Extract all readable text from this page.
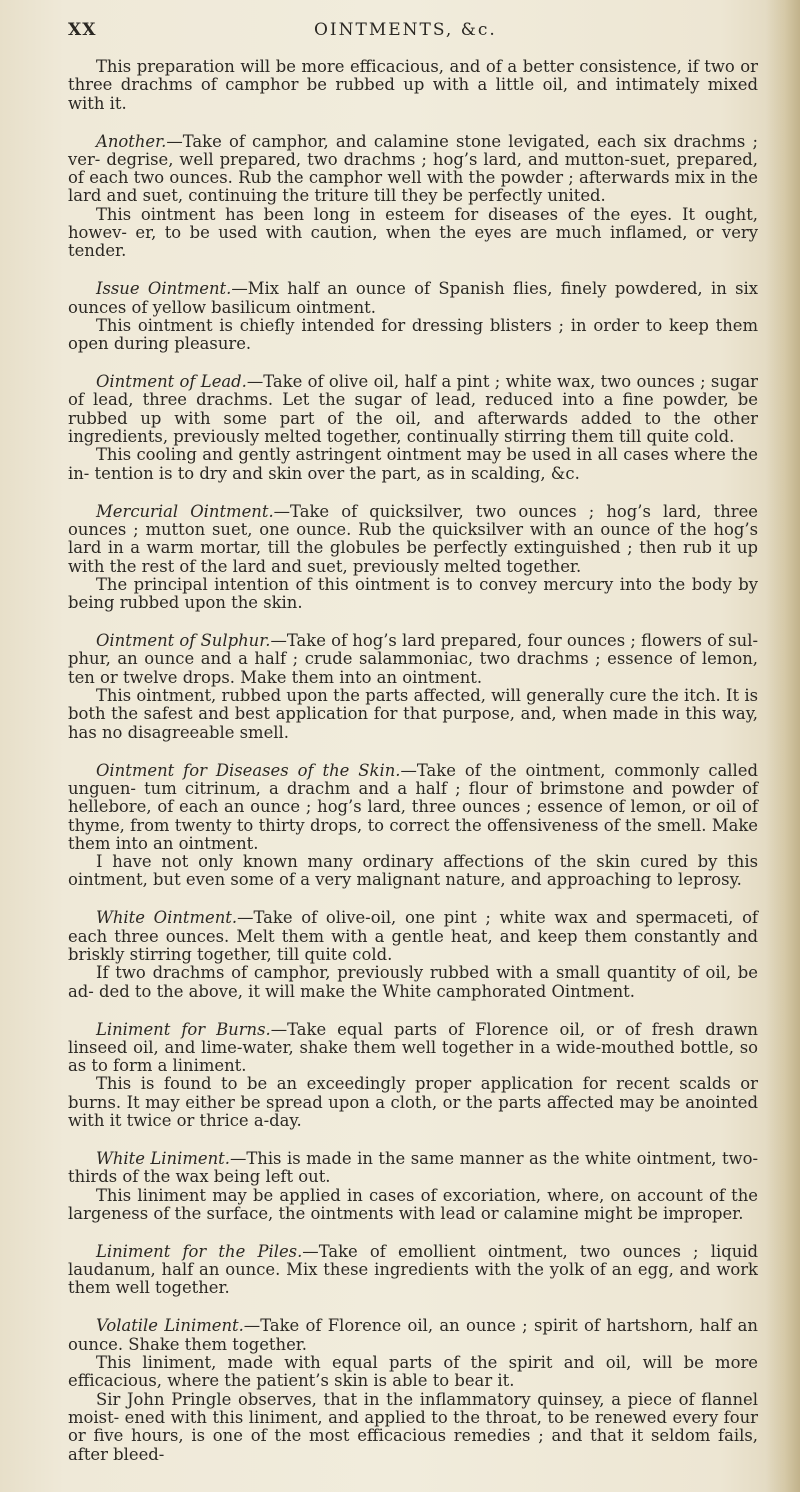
XX	OINTMENTS, &c.

This preparation will be more efficacious, and of a better consistence, if two or three drachms of camphor be rubbed up with a little oil, and intimately mixed with it.

Another.—Take of camphor, and calamine stone levigated, each six drachms ; ver- degrise, well prepared, two drachms ; hog’s lard, and mutton-suet, prepared, of each two ounces. Rub the camphor well with the powder ; afterwards mix in the lard and suet, continuing the triture till they be perfectly united.

This ointment has been long in esteem for diseases of the eyes. It ought, howev- er, to be used with caution, when the eyes are much inflamed, or very tender.

Issue Ointment.—Mix half an ounce of Spanish flies, finely powdered, in six ounces of yellow basilicum ointment.

This ointment is chiefly intended for dressing blisters ; in order to keep them open during pleasure.

Ointment of Lead.—Take of olive oil, half a pint ; white wax, two ounces ; sugar of lead, three drachms. Let the sugar of lead, reduced into a fine powder, be rubbed up with some part of the oil, and afterwards added to the other ingredients, previously melted together, continually stirring them till quite cold.

This cooling and gently astringent ointment may be used in all cases where the in- tention is to dry and skin over the part, as in scalding, &c.

Mercurial Ointment.—Take of quicksilver, two ounces ; hog’s lard, three ounces ; mutton suet, one ounce. Rub the quicksilver with an ounce of the hog’s lard in a warm mortar, till the globules be perfectly extinguished ; then rub it up with the rest of the lard and suet, previously melted together.

The principal intention of this ointment is to convey mercury into the body by being rubbed upon the skin.

Ointment of Sulphur.—Take of hog’s lard prepared, four ounces ; flowers of sul- phur, an ounce and a half ; crude salammoniac, two drachms ; essence of lemon, ten or twelve drops. Make them into an ointment.

This ointment, rubbed upon the parts affected, will generally cure the itch. It is both the safest and best application for that purpose, and, when made in this way, has no disagreeable smell.

Ointment for Diseases of the Skin.—Take of the ointment, commonly called unguen- tum citrinum, a drachm and a half ; flour of brimstone and powder of hellebore, of each an ounce ; hog’s lard, three ounces ; essence of lemon, or oil of thyme, from twenty to thirty drops, to correct the offensiveness of the smell. Make them into an ointment.

I have not only known many ordinary affections of the skin cured by this ointment, but even some of a very malignant nature, and approaching to leprosy.

White Ointment.—Take of olive-oil, one pint ; white wax and spermaceti, of each three ounces. Melt them with a gentle heat, and keep them constantly and briskly stirring together, till quite cold.

If two drachms of camphor, previously rubbed with a small quantity of oil, be ad- ded to the above, it will make the White camphorated Ointment.

Liniment for Burns.—Take equal parts of Florence oil, or of fresh drawn linseed oil, and lime-water, shake them well together in a wide-mouthed bottle, so as to form a liniment.

This is found to be an exceedingly proper application for recent scalds or burns. It may either be spread upon a cloth, or the parts affected may be anointed with it twice or thrice a-day.

White Liniment.—This is made in the same manner as the white ointment, two- thirds of the wax being left out.

This liniment may be applied in cases of excoriation, where, on account of the largeness of the surface, the ointments with lead or calamine might be improper.

Liniment for the Piles.—Take of emollient ointment, two ounces ; liquid laudanum, half an ounce. Mix these ingredients with the yolk of an egg, and work them well together.

Volatile Liniment.—Take of Florence oil, an ounce ; spirit of hartshorn, half an ounce. Shake them together.

This liniment, made with equal parts of the spirit and oil, will be more efficacious, where the patient’s skin is able to bear it.

Sir John Pringle observes, that in the inflammatory quinsey, a piece of flannel moist- ened with this liniment, and applied to the throat, to be renewed every four or five hours, is one of the most efficacious remedies ; and that it seldom fails, after bleed-
